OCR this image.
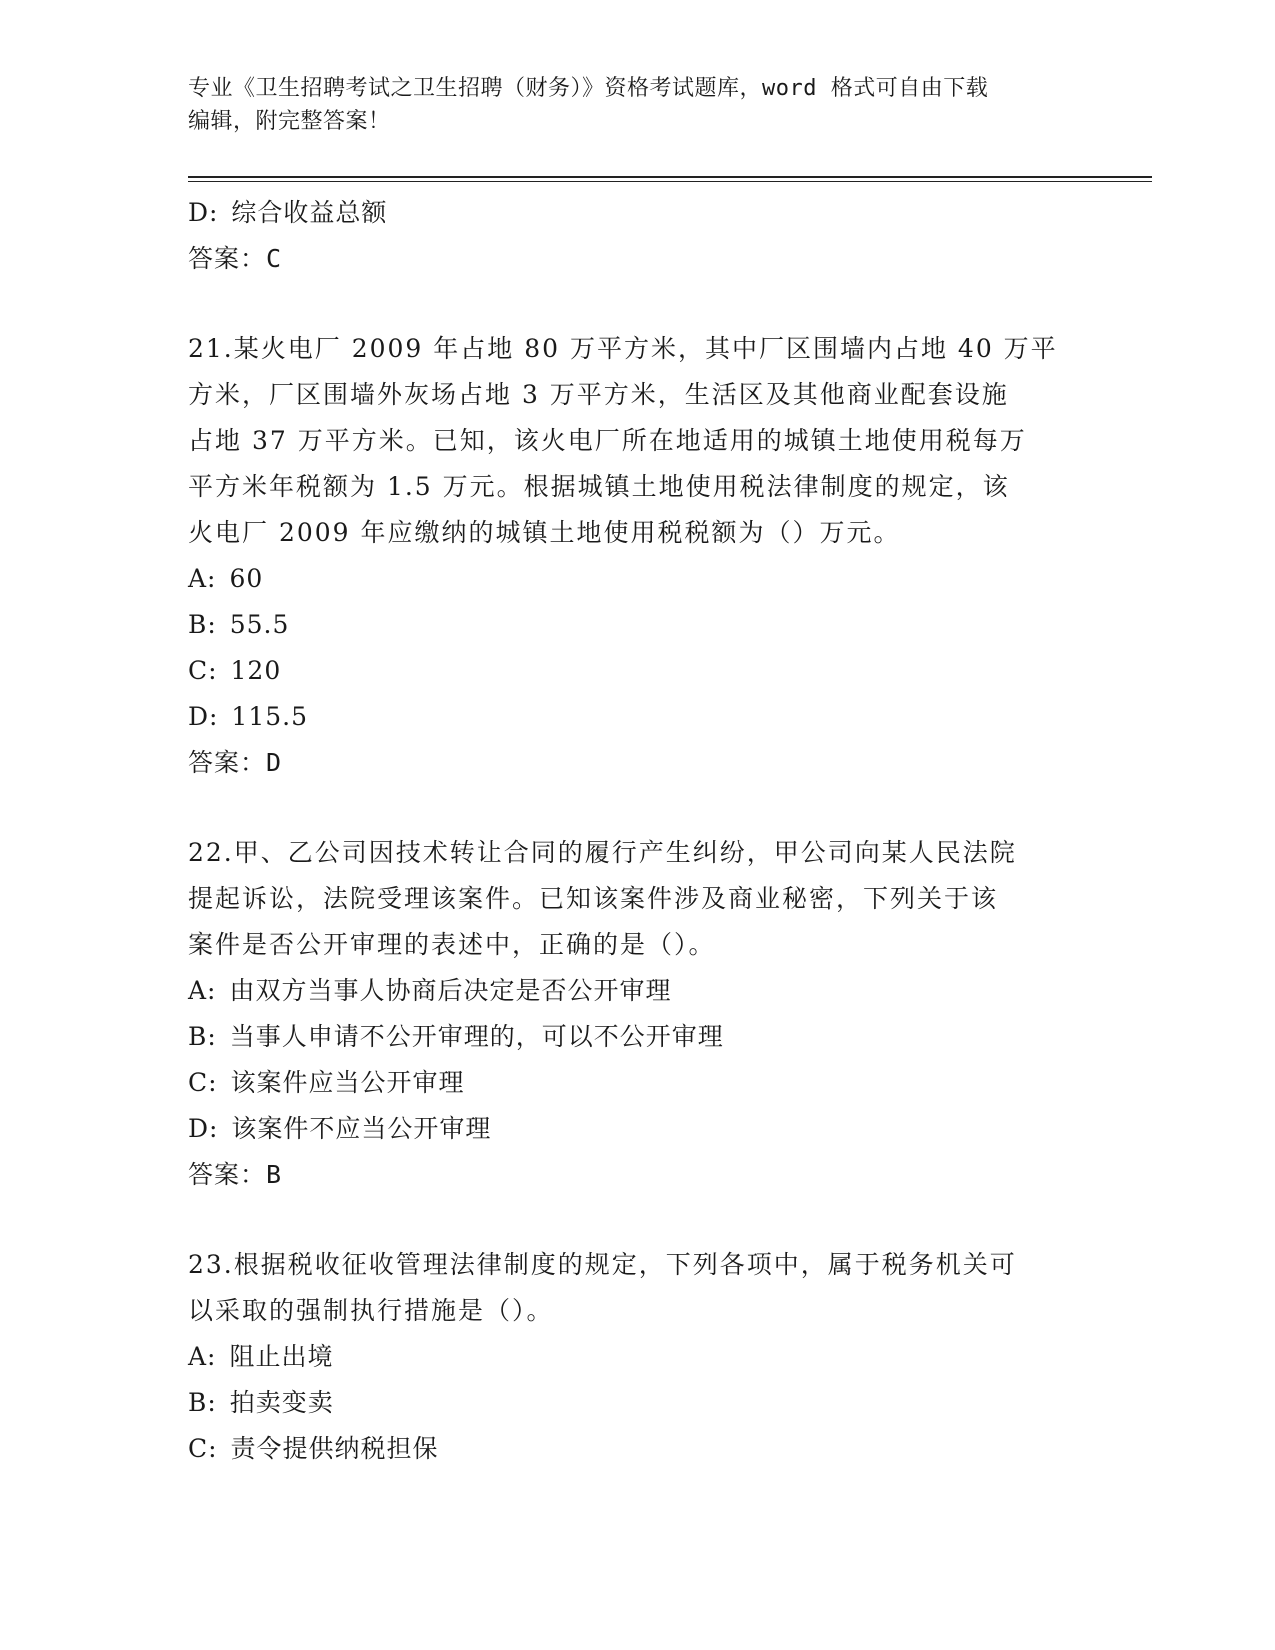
专业《卫生招聘考试之卫生招聘（财务）》资格考试题库，word 格式可自由下载
编辑，附完整答案！
D: 综合收益总额
答案：C
21.某火电厂 2009 年占地 80 万平方米，其中厂区围墙内占地 40 万平
方米，厂区围墙外灰场占地 3 万平方米，生活区及其他商业配套设施
占地 37 万平方米。已知，该火电厂所在地适用的城镇土地使用税每万
平方米年税额为 1.5 万元。根据城镇土地使用税法律制度的规定，该
火电厂 2009 年应缴纳的城镇土地使用税税额为（）万元。
A: 60
B: 55.5
C: 120
D: 115.5
答案：D
22.甲、乙公司因技术转让合同的履行产生纠纷，甲公司向某人民法院
提起诉讼，法院受理该案件。已知该案件涉及商业秘密，下列关于该
案件是否公开审理的表述中，正确的是（）。
A: 由双方当事人协商后决定是否公开审理
B: 当事人申请不公开审理的，可以不公开审理
C: 该案件应当公开审理
D: 该案件不应当公开审理
答案：B
23.根据税收征收管理法律制度的规定，下列各项中，属于税务机关可
以采取的强制执行措施是（）。
A: 阻止出境
B: 拍卖变卖
C: 责令提供纳税担保
